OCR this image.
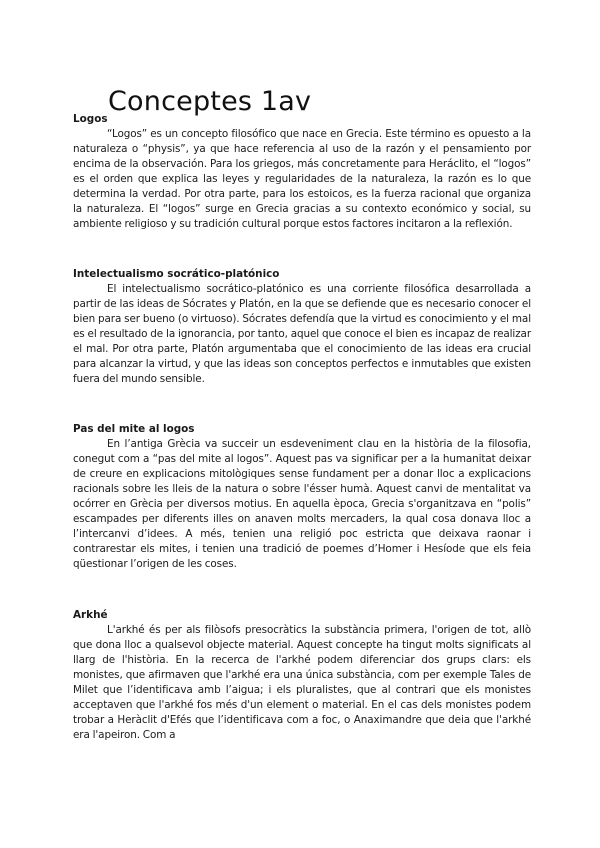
Conceptes 1av
Logos

“Logos” es un concepto filosófico que nace en Grecia. Este término es opuesto a la naturaleza o “physis”, ya que hace referencia al uso de la razón y el pensamiento por encima de la observación. Para los griegos, más concretamente para Heráclito, el “logos” es el orden que explica las leyes y regularidades de la naturaleza, la razón es lo que determina la verdad. Por otra parte, para los estoicos, es la fuerza racional que organiza la naturaleza. El “logos” surge en Grecia gracias a su contexto económico y social, su ambiente religioso y su tradición cultural porque estos factores incitaron a la reflexión.

Intelectualismo socrático-platónico

El intelectualismo socrático-platónico es una corriente filosófica desarrollada a partir de las ideas de Sócrates y Platón, en la que se defiende que es necesario conocer el bien para ser bueno (o virtuoso). Sócrates defendía que la virtud es conocimiento y el mal es el resultado de la ignorancia, por tanto, aquel que conoce el bien es incapaz de realizar el mal. Por otra parte, Platón argumentaba que el conocimiento de las ideas era crucial para alcanzar la virtud, y que las ideas son conceptos perfectos e inmutables que existen fuera del mundo sensible.

Pas del mite al logos

En l’antiga Grècia va succeir un esdeveniment clau en la història de la filosofia, conegut com a “pas del mite al logos”. Aquest pas va significar per a la humanitat deixar de creure en explicacions mitològiques sense fundament per a donar lloc a explicacions racionals sobre les lleis de la natura o sobre l'ésser humà. Aquest canvi de mentalitat va ocórrer en Grècia per diversos motius. En aquella època, Grecia s'organitzava en “polis” escampades per diferents illes on anaven molts mercaders, la qual cosa donava lloc a l’intercanvi d’idees. A més, tenien una religió poc estricta que deixava raonar i contrarestar els mites, i tenien una tradició de poemes d’Homer i Hesíode que els feia qüestionar l’origen de les coses.

Arkhé

L'arkhé és per als filòsofs presocràtics la substància primera, l'origen de tot, allò que dona lloc a qualsevol objecte material. Aquest concepte ha tingut molts significats al llarg de l'història. En la recerca de l'arkhé podem diferenciar dos grups clars: els monistes, que afirmaven que l'arkhé era una única substància, com per exemple Tales de Milet que l’identificava amb l’aigua; i els pluralistes, que al contrari que els monistes acceptaven que l'arkhé fos més d'un element o material. En el cas dels monistes podem trobar a Heràclit d'Efés que l’identificava com a foc, o Anaximandre que deia que l'arkhé era l'apeiron. Com a
